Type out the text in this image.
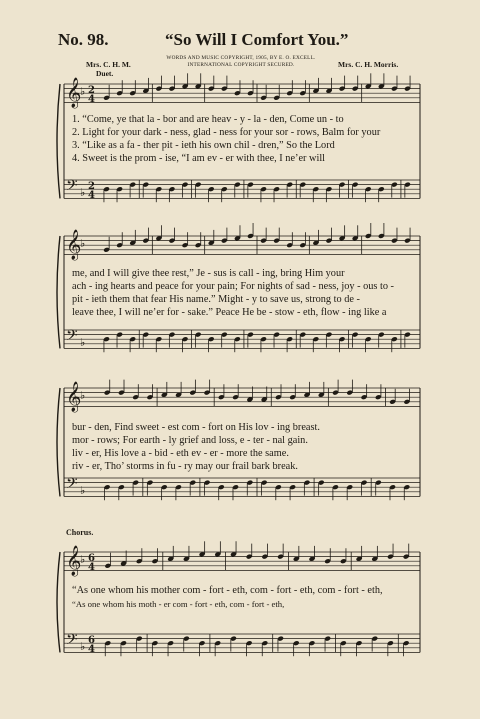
No. 98.	“So Will I Comfort You.”
WORDS AND MUSIC COPYRIGHT, 1905, BY E. O. EXCELL.
INTERNATIONAL COPYRIGHT SECURED.
Mrs. C. H. M.	Mrs. C. H. Morris.
Duet.
Chorus.
𝄞
♭ 2
4
𝄢 ♭ 2
4
1. “Come, ye that la - bor and are heav - y - la - den, Come un - to
2. Light for your dark - ness, glad - ness for your sor - rows, Balm for your
3. “Like as a fa - ther pit - ieth his own chil - dren,” So the Lord
4. Sweet is the prom - ise, “I am ev - er with thee, I ne’er will
𝄞
♭
𝄢 ♭
me, and I will give thee rest,” Je - sus is call - ing, bring Him your
ach - ing hearts and peace for your pain; For nights of sad - ness, joy - ous to -
pit - ieth them that fear His name.” Might - y to save us, strong to de -
leave thee, I will ne’er for - sake.” Peace He be - stow - eth, flow - ing like a
𝄞
♭
𝄢 ♭
bur - den, Find sweet - est com - fort on His lov - ing breast.
mor - rows; For earth - ly grief and loss, e - ter - nal gain.
liv - er, His love a - bid - eth ev - er - more the same.
riv - er, Tho’ storms in fu - ry may our frail bark break.
𝄞
♭ 6
4
𝄢 ♭ 6
4
“As one whom his mother com - fort - eth, com - fort - eth, com - fort - eth,
“As one whom his moth - er com - fort - eth, com - fort - eth,
